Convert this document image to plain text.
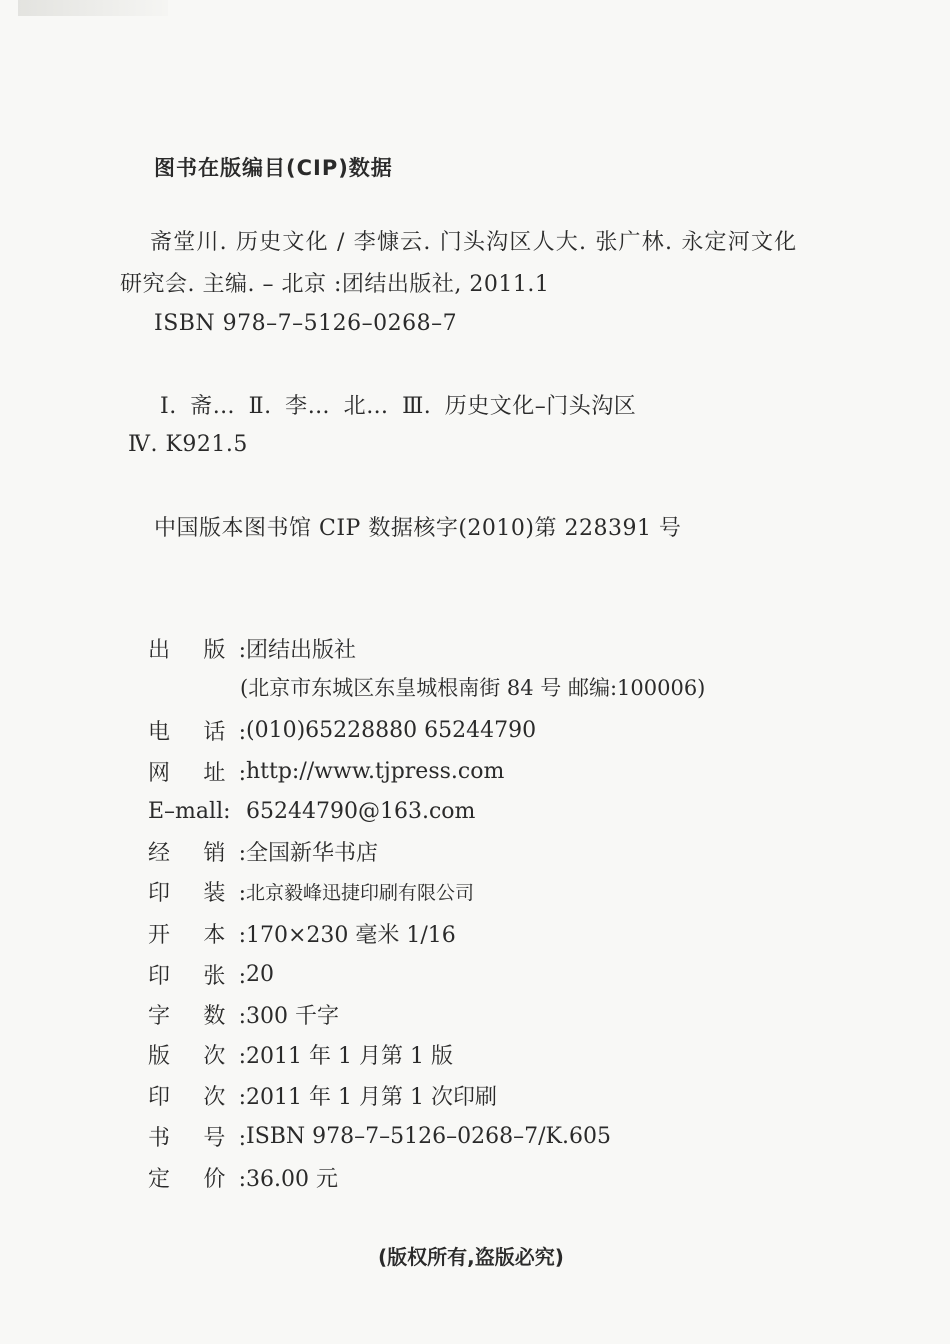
图书在版编目(CIP)数据
斋堂川. 历史文化 / 李慷云. 门头沟区人大. 张广林. 永定河文化
研究会. 主编. – 北京 :团结出版社, 2011.1
ISBN 978–7–5126–0268–7
Ⅰ. 斋… Ⅱ. 李… 北… Ⅲ. 历史文化–门头沟区
Ⅳ. K921.5
中国版本图书馆 CIP 数据核字(2010)第 228391 号
出 版: 团结出版社
(北京市东城区东皇城根南街 84 号 邮编:100006)
电 话: (010)65228880 65244790
网 址: http://www.tjpress.com
E–mall: 65244790@163.com
经 销: 全国新华书店
印 装: 北京毅峰迅捷印刷有限公司
开 本: 170×230 毫米 1/16
印 张: 20
字 数: 300 千字
版 次: 2011 年 1 月第 1 版
印 次: 2011 年 1 月第 1 次印刷
书 号: ISBN 978–7–5126–0268–7/K.605
定 价: 36.00 元
(版权所有,盗版必究)
